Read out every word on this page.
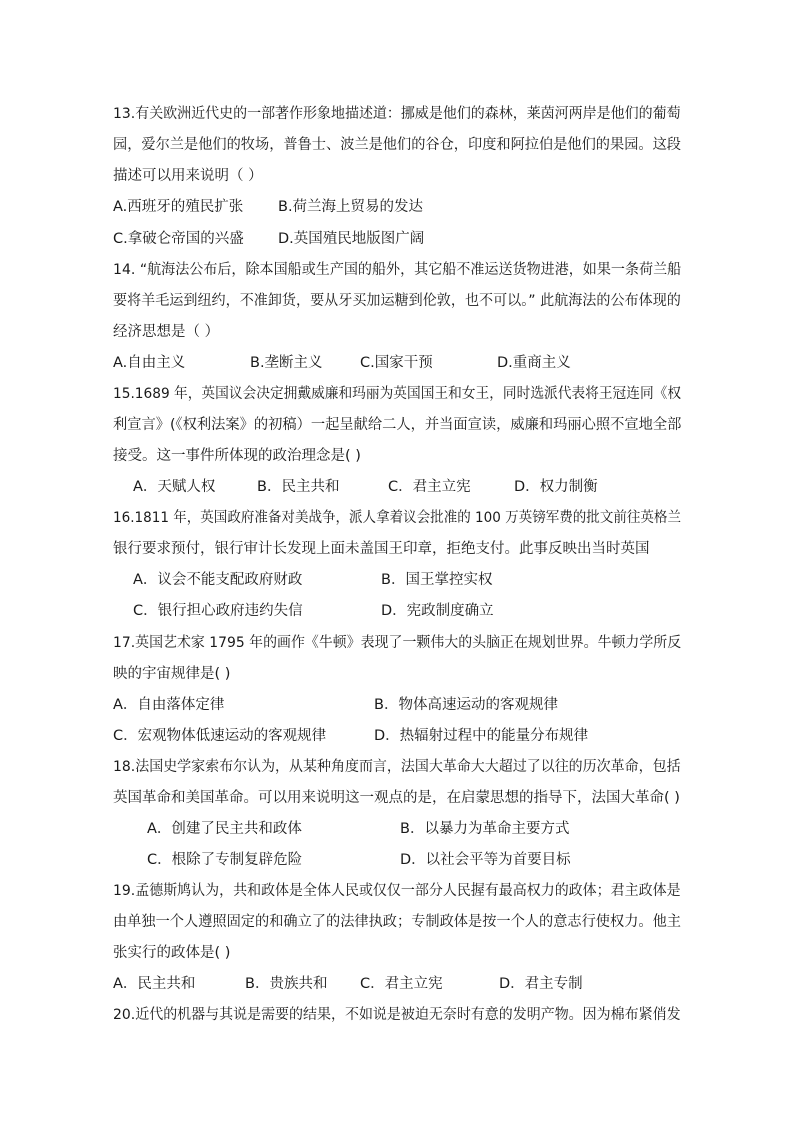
13.有关欧洲近代史的一部著作形象地描述道：挪威是他们的森林，莱茵河两岸是他们的葡萄
园，爱尔兰是他们的牧场，普鲁士、波兰是他们的谷仓，印度和阿拉伯是他们的果园。这段
描述可以用来说明（ ）
A.西班牙的殖民扩张 B.荷兰海上贸易的发达
C.拿破仑帝国的兴盛 D.英国殖民地版图广阔
14. “航海法公布后，除本国船或生产国的船外，其它船不准运送货物进港，如果一条荷兰船
要将羊毛运到纽约，不准卸货，要从牙买加运糖到伦敦，也不可以。” 此航海法的公布体现的
经济思想是（ ）
A.自由主义	B.垄断主义	C.国家干预	D.重商主义
15.1689 年，英国议会决定拥戴威廉和玛丽为英国国王和女王，同时选派代表将王冠连同《权
利宣言》(《权利法案》的初稿）一起呈献给二人，并当面宣读，威廉和玛丽心照不宣地全部
接受。这一事件所体现的政治理念是( )
A．天赋人权	B．民主共和	C．君主立宪	D．权力制衡
16.1811 年，英国政府准备对美战争，派人拿着议会批准的 100 万英镑军费的批文前往英格兰
银行要求预付，银行审计长发现上面未盖国王印章，拒绝支付。此事反映出当时英国
A．议会不能支配政府财政	B．国王掌控实权
C．银行担心政府违约失信	D．宪政制度确立
17.英国艺术家 1795 年的画作《牛顿》表现了一颗伟大的头脑正在规划世界。牛顿力学所反
映的宇宙规律是( )
A．自由落体定律	B．物体高速运动的客观规律
C．宏观物体低速运动的客观规律	D．热辐射过程中的能量分布规律
18.法国史学家索布尔认为，从某种角度而言，法国大革命大大超过了以往的历次革命，包括
英国革命和美国革命。可以用来说明这一观点的是，在启蒙思想的指导下，法国大革命( )
A．创建了民主共和政体	B．以暴力为革命主要方式
C．根除了专制复辟危险	D．以社会平等为首要目标
19.孟德斯鸠认为，共和政体是全体人民或仅仅一部分人民握有最高权力的政体；君主政体是
由单独一个人遵照固定的和确立了的法律执政；专制政体是按一个人的意志行使权力。他主
张实行的政体是( )
A．民主共和	B．贵族共和 C．君主立宪	D．君主专制
20.近代的机器与其说是需要的结果，不如说是被迫无奈时有意的发明产物。因为棉布紧俏发
